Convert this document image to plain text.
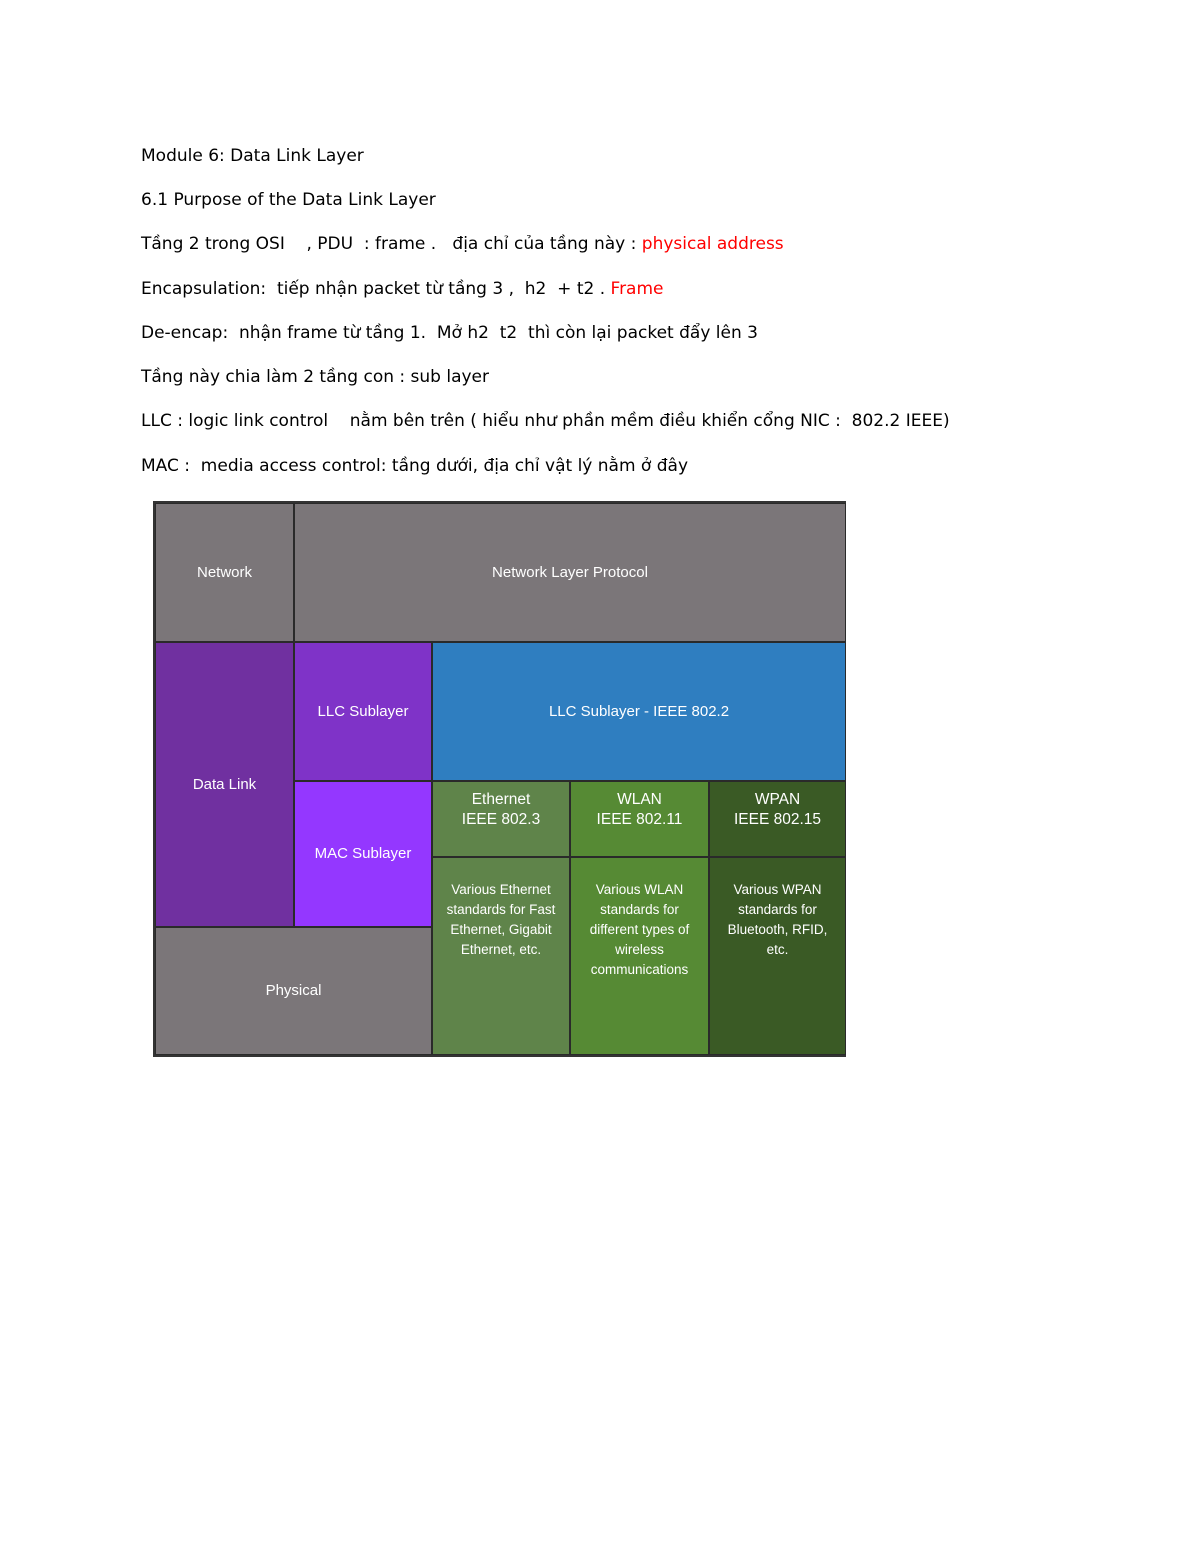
Module 6: Data Link Layer
6.1 Purpose of the Data Link Layer
Tầng 2 trong OSI    , PDU  : frame .   địa chỉ của tầng này : physical address
Encapsulation:  tiếp nhận packet từ tầng 3 ,  h2  + t2 . Frame
De-encap:  nhận frame từ tầng 1.  Mở h2  t2  thì còn lại packet đẩy lên 3
Tầng này chia làm 2 tầng con : sub layer
LLC : logic link control    nằm bên trên ( hiểu như phần mềm điều khiển cổng NIC :  802.2 IEEE)
MAC :  media access control: tầng dưới, địa chỉ vật lý nằm ở đây
Network	Network Layer Protocol
Data Link
LLC Sublayer	LLC Sublayer - IEEE 802.2
MAC Sublayer
Ethernet
IEEE 802.3
WLAN
IEEE 802.11
WPAN
IEEE 802.15
Various Ethernet
standards for Fast
Ethernet, Gigabit
Ethernet, etc.
Various WLAN
standards for
different types of
wireless
communications
Various WPAN
standards for
Bluetooth, RFID,
etc.
Physical
